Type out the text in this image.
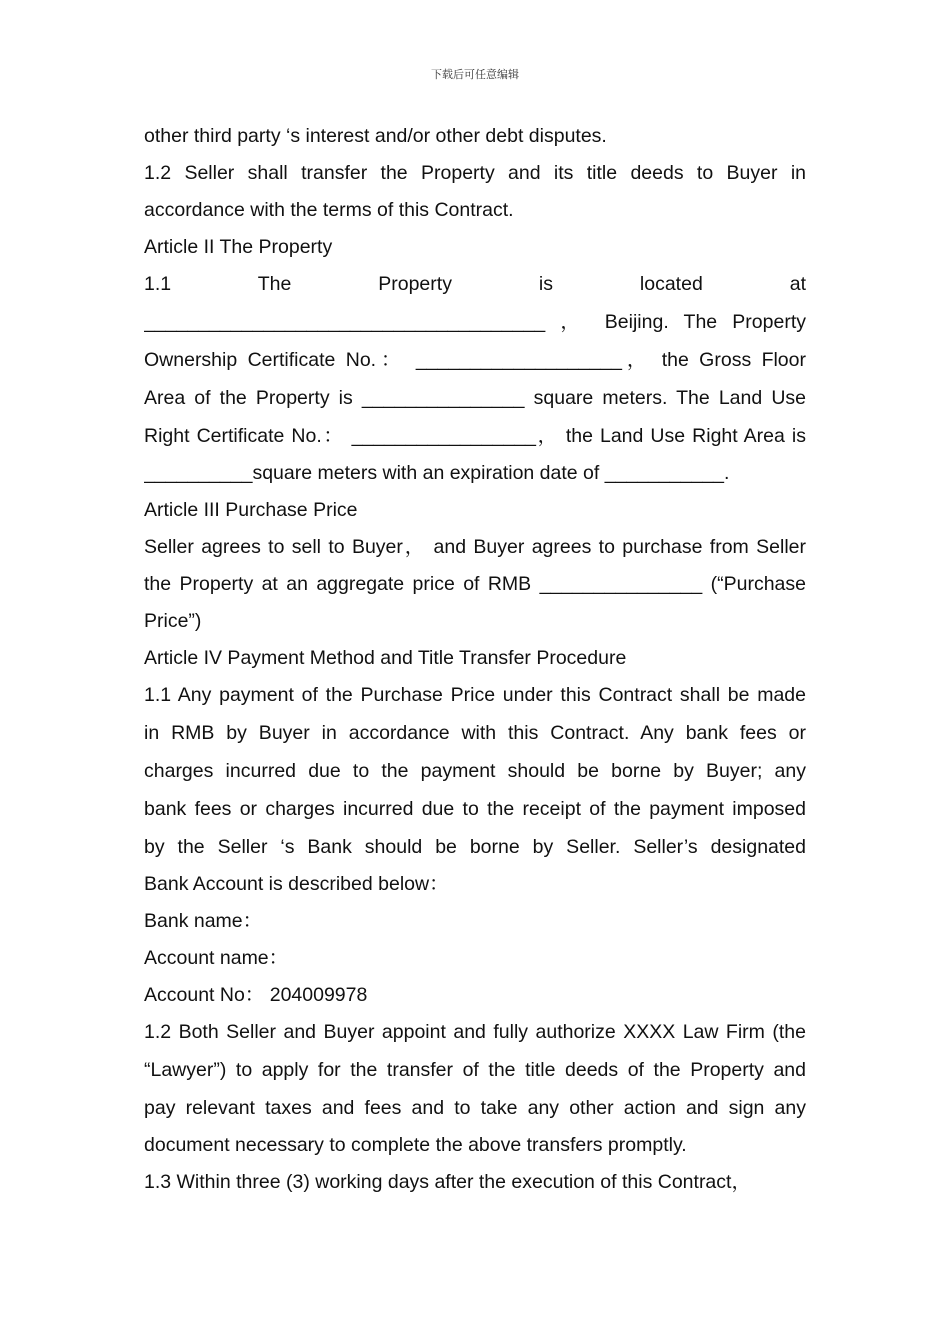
下载后可任意编辑
other third party ‘s interest and/or other debt disputes.
1.2 Seller shall transfer the Property and its title deeds to Buyer in
accordance with the terms of this Contract.
Article II The Property
1.1 The Property is located at
_____________________________________ ， Beijing. The Property
Ownership Certificate No.： ___________________， the Gross Floor
Area of the Property is _______________ square meters. The Land Use
Right Certificate No.： _________________， the Land Use Right Area is
__________square meters with an expiration date of ___________.
Article III Purchase Price
Seller agrees to sell to Buyer， and Buyer agrees to purchase from Seller
the Property at an aggregate price of RMB _______________ (“Purchase
Price”)
Article IV Payment Method and Title Transfer Procedure
1.1 Any payment of the Purchase Price under this Contract shall be made
in RMB by Buyer in accordance with this Contract. Any bank fees or
charges incurred due to the payment should be borne by Buyer; any
bank fees or charges incurred due to the receipt of the payment imposed
by the Seller ‘s Bank should be borne by Seller. Seller’s designated
Bank Account is described below：
Bank name：
Account name：
Account No： 204009978
1.2 Both Seller and Buyer appoint and fully authorize XXXX Law Firm (the
“Lawyer”) to apply for the transfer of the title deeds of the Property and
pay relevant taxes and fees and to take any other action and sign any
document necessary to complete the above transfers promptly.
1.3 Within three (3) working days after the execution of this Contract，
